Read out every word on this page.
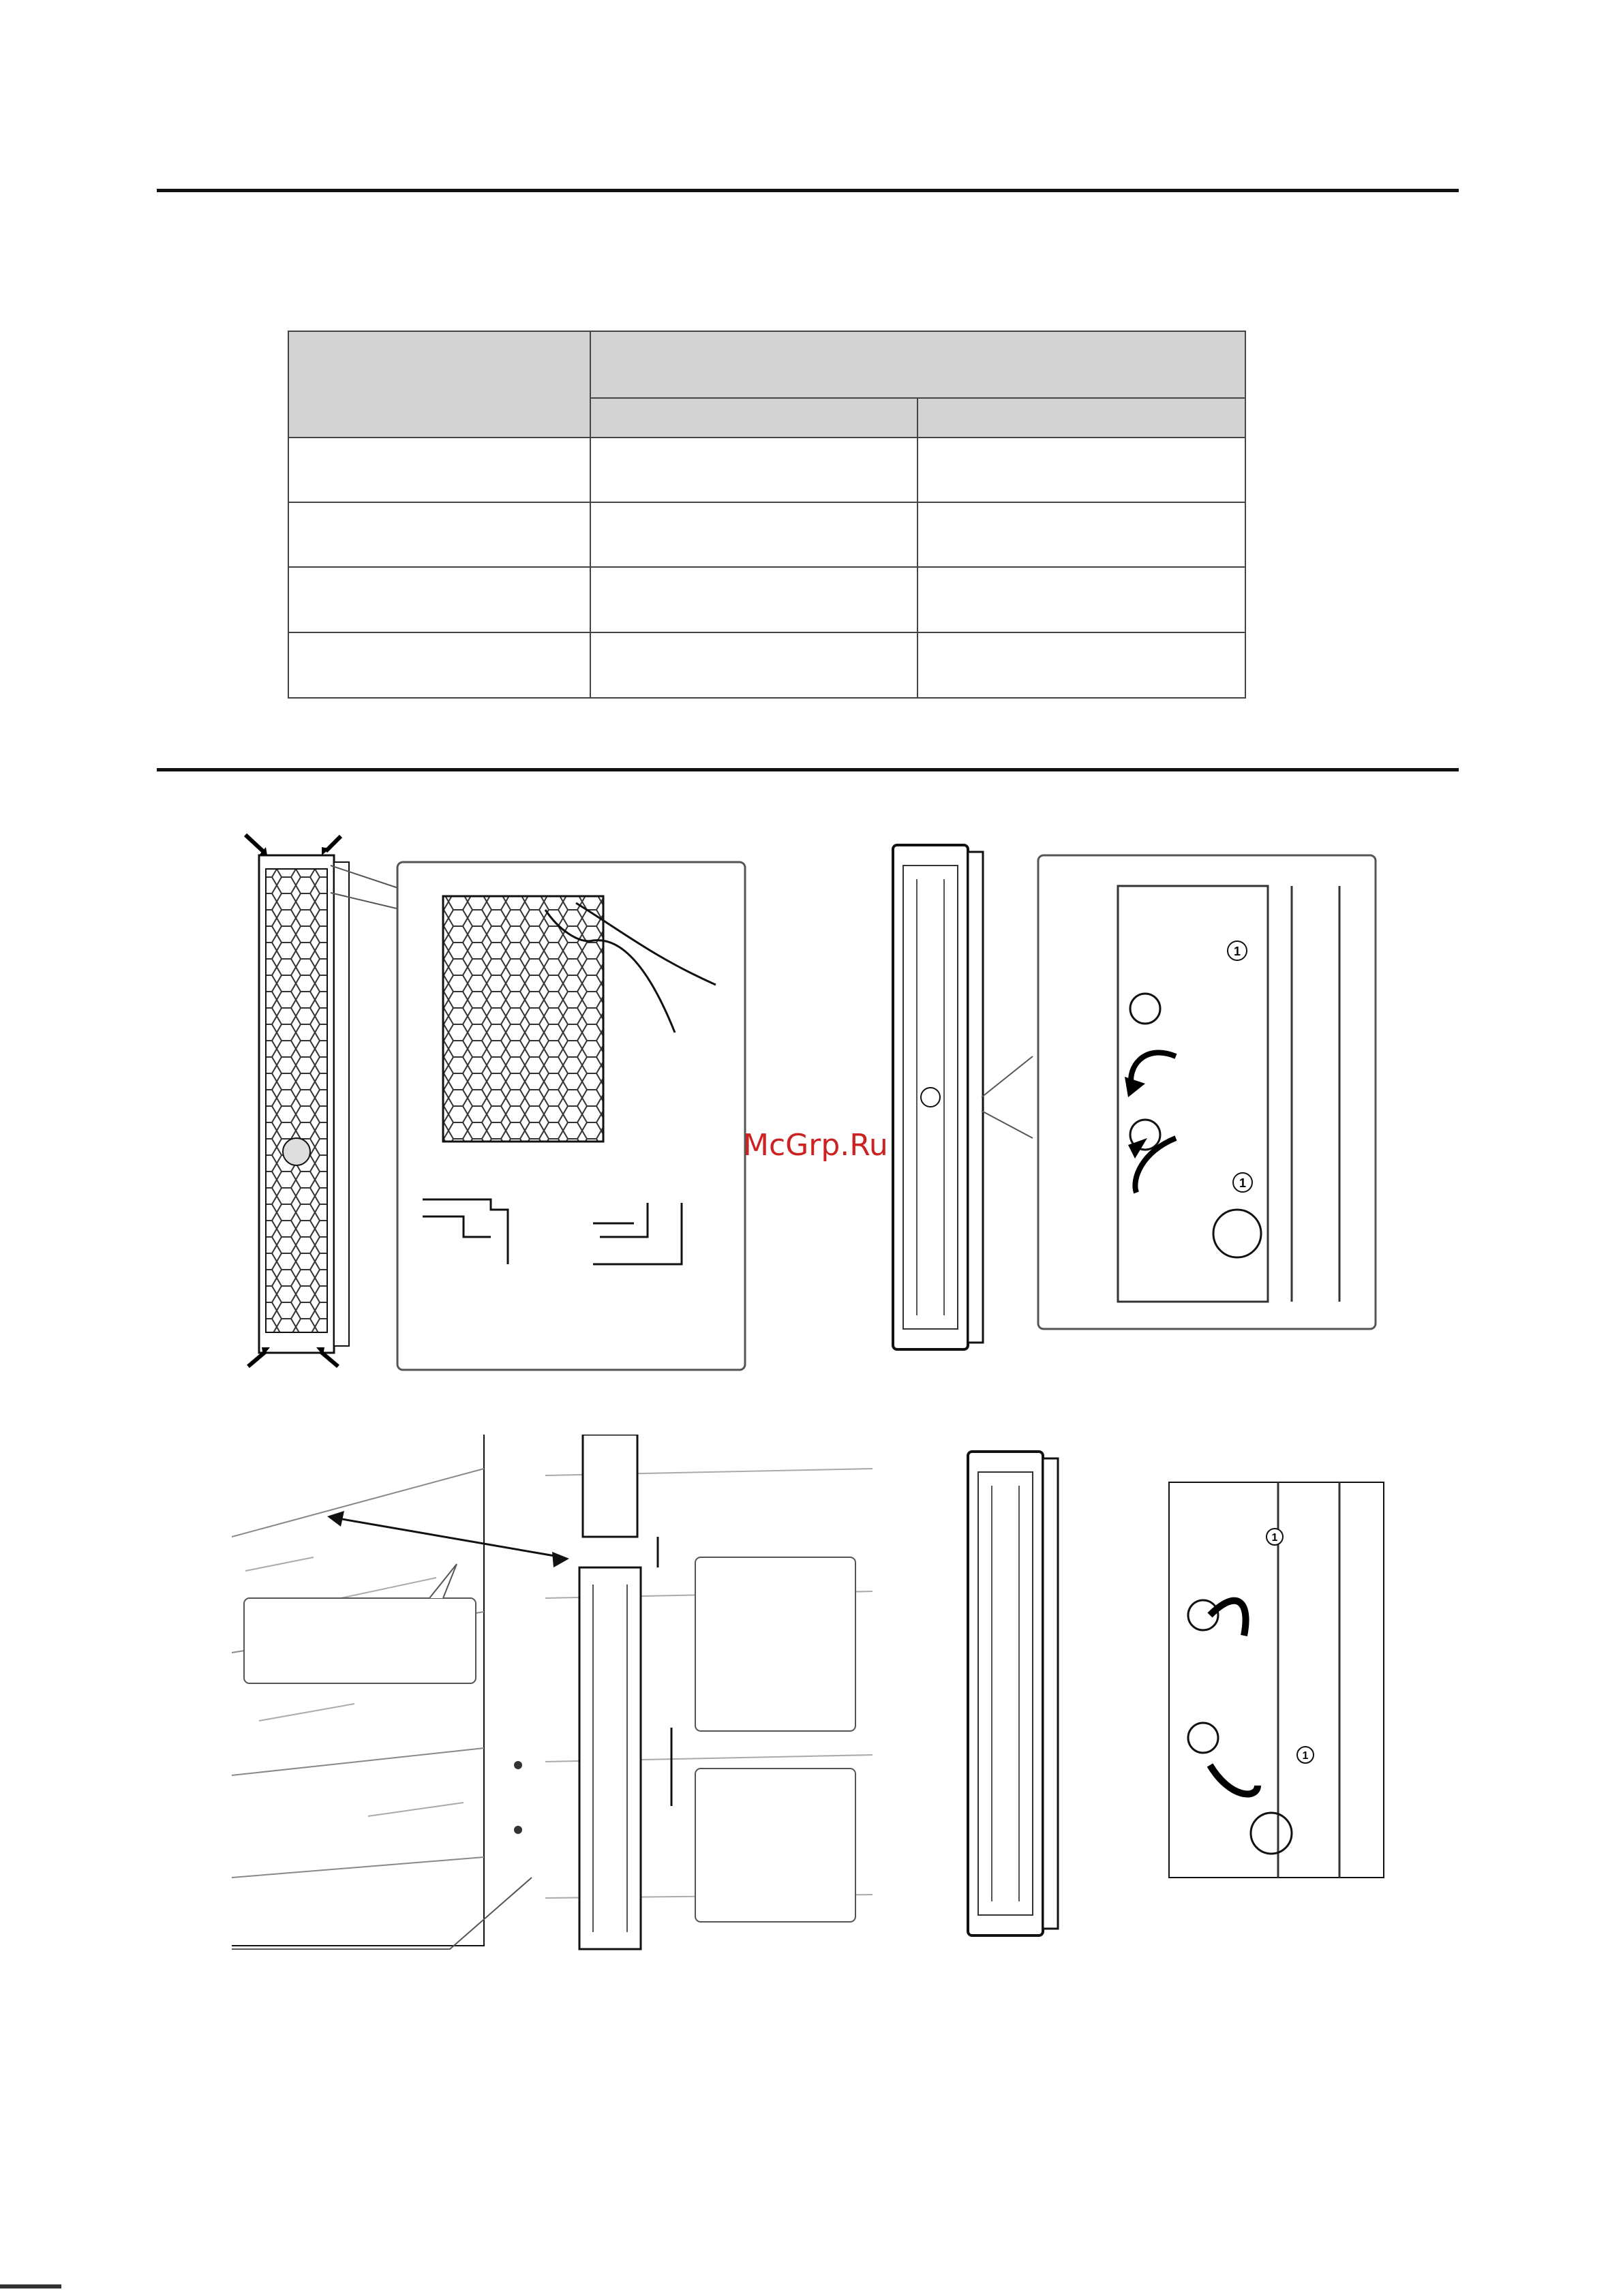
McGrp.Ru
1
1
1
1
